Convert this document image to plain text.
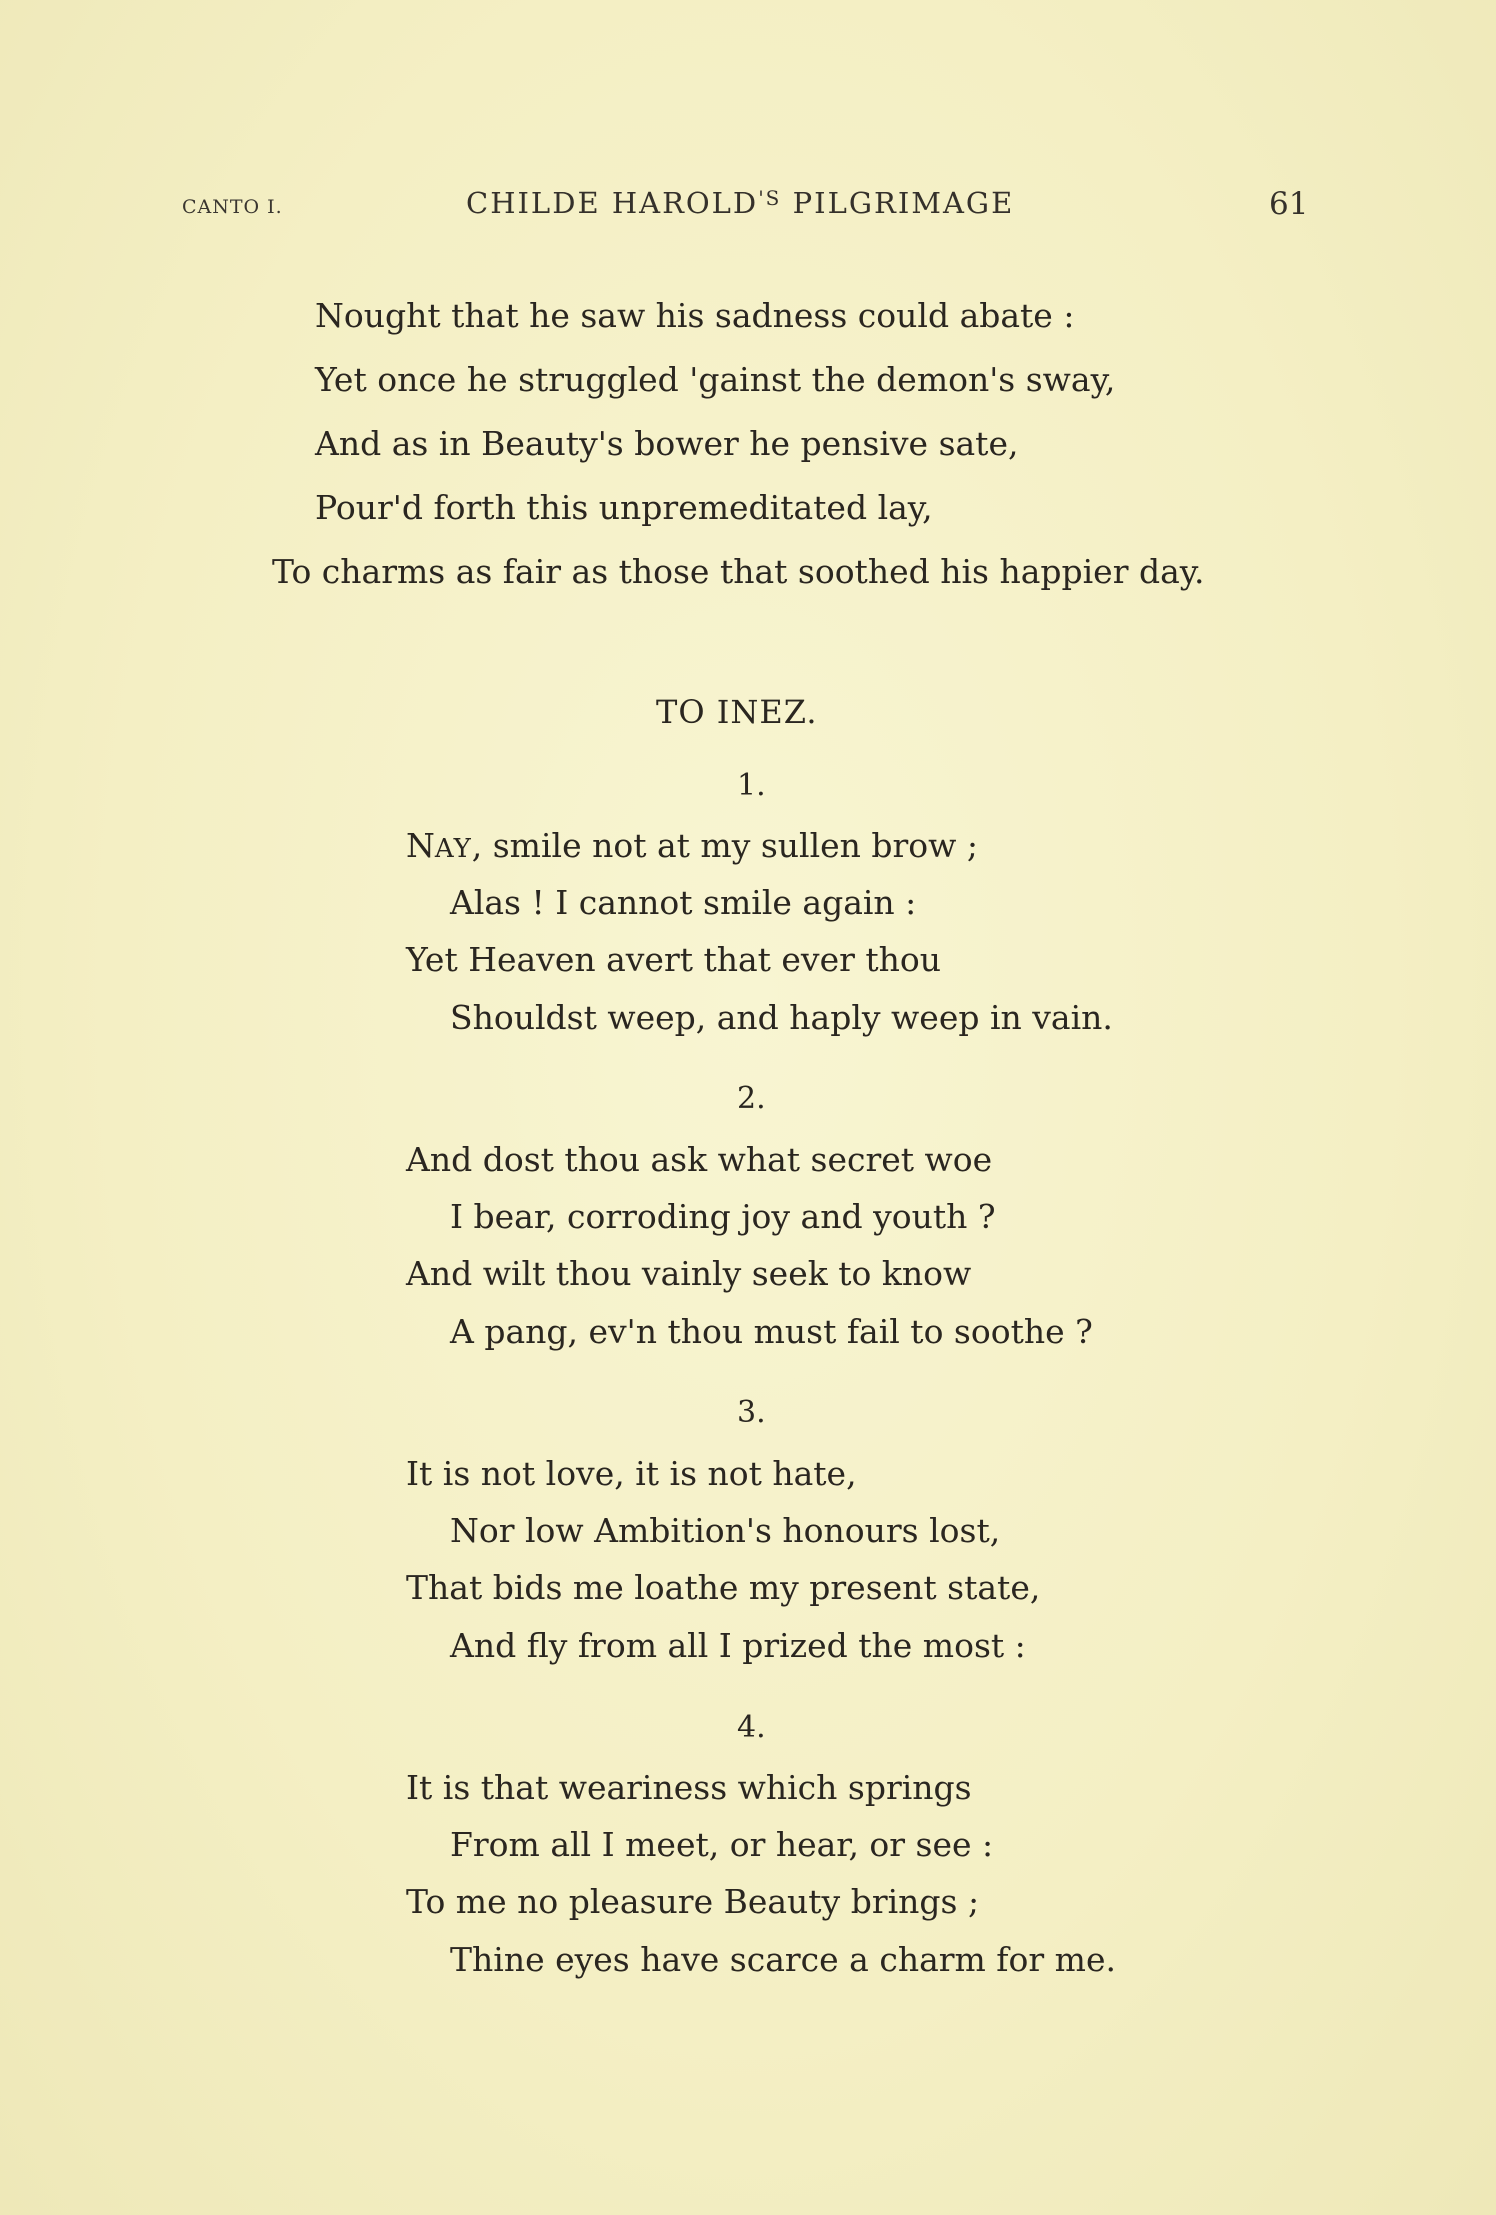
CANTO I.	CHILDE $HAROLD^{'S}$ PILGRIMAGE	61
Nought that he saw his sadness could abate :
Yet once he struggled 'gainst the demon's sway,
And as in Beauty's bower he pensive sate,
Pour'd forth this unpremeditated lay,
To charms as fair as those that soothed his happier day.
TO INEZ.
1.
NAY, smile not at my sullen brow ;
Alas ! I cannot smile again :
Yet Heaven avert that ever thou
Shouldst weep, and haply weep in vain.
2.
And dost thou ask what secret woe
I bear, corroding joy and youth ?
And wilt thou vainly seek to know
A pang, ev'n thou must fail to soothe ?
3.
It is not love, it is not hate,
Nor low Ambition's honours lost,
That bids me loathe my present state,
And fly from all I prized the most :
4.
It is that weariness which springs
From all I meet, or hear, or see :
To me no pleasure Beauty brings ;
Thine eyes have scarce a charm for me.
